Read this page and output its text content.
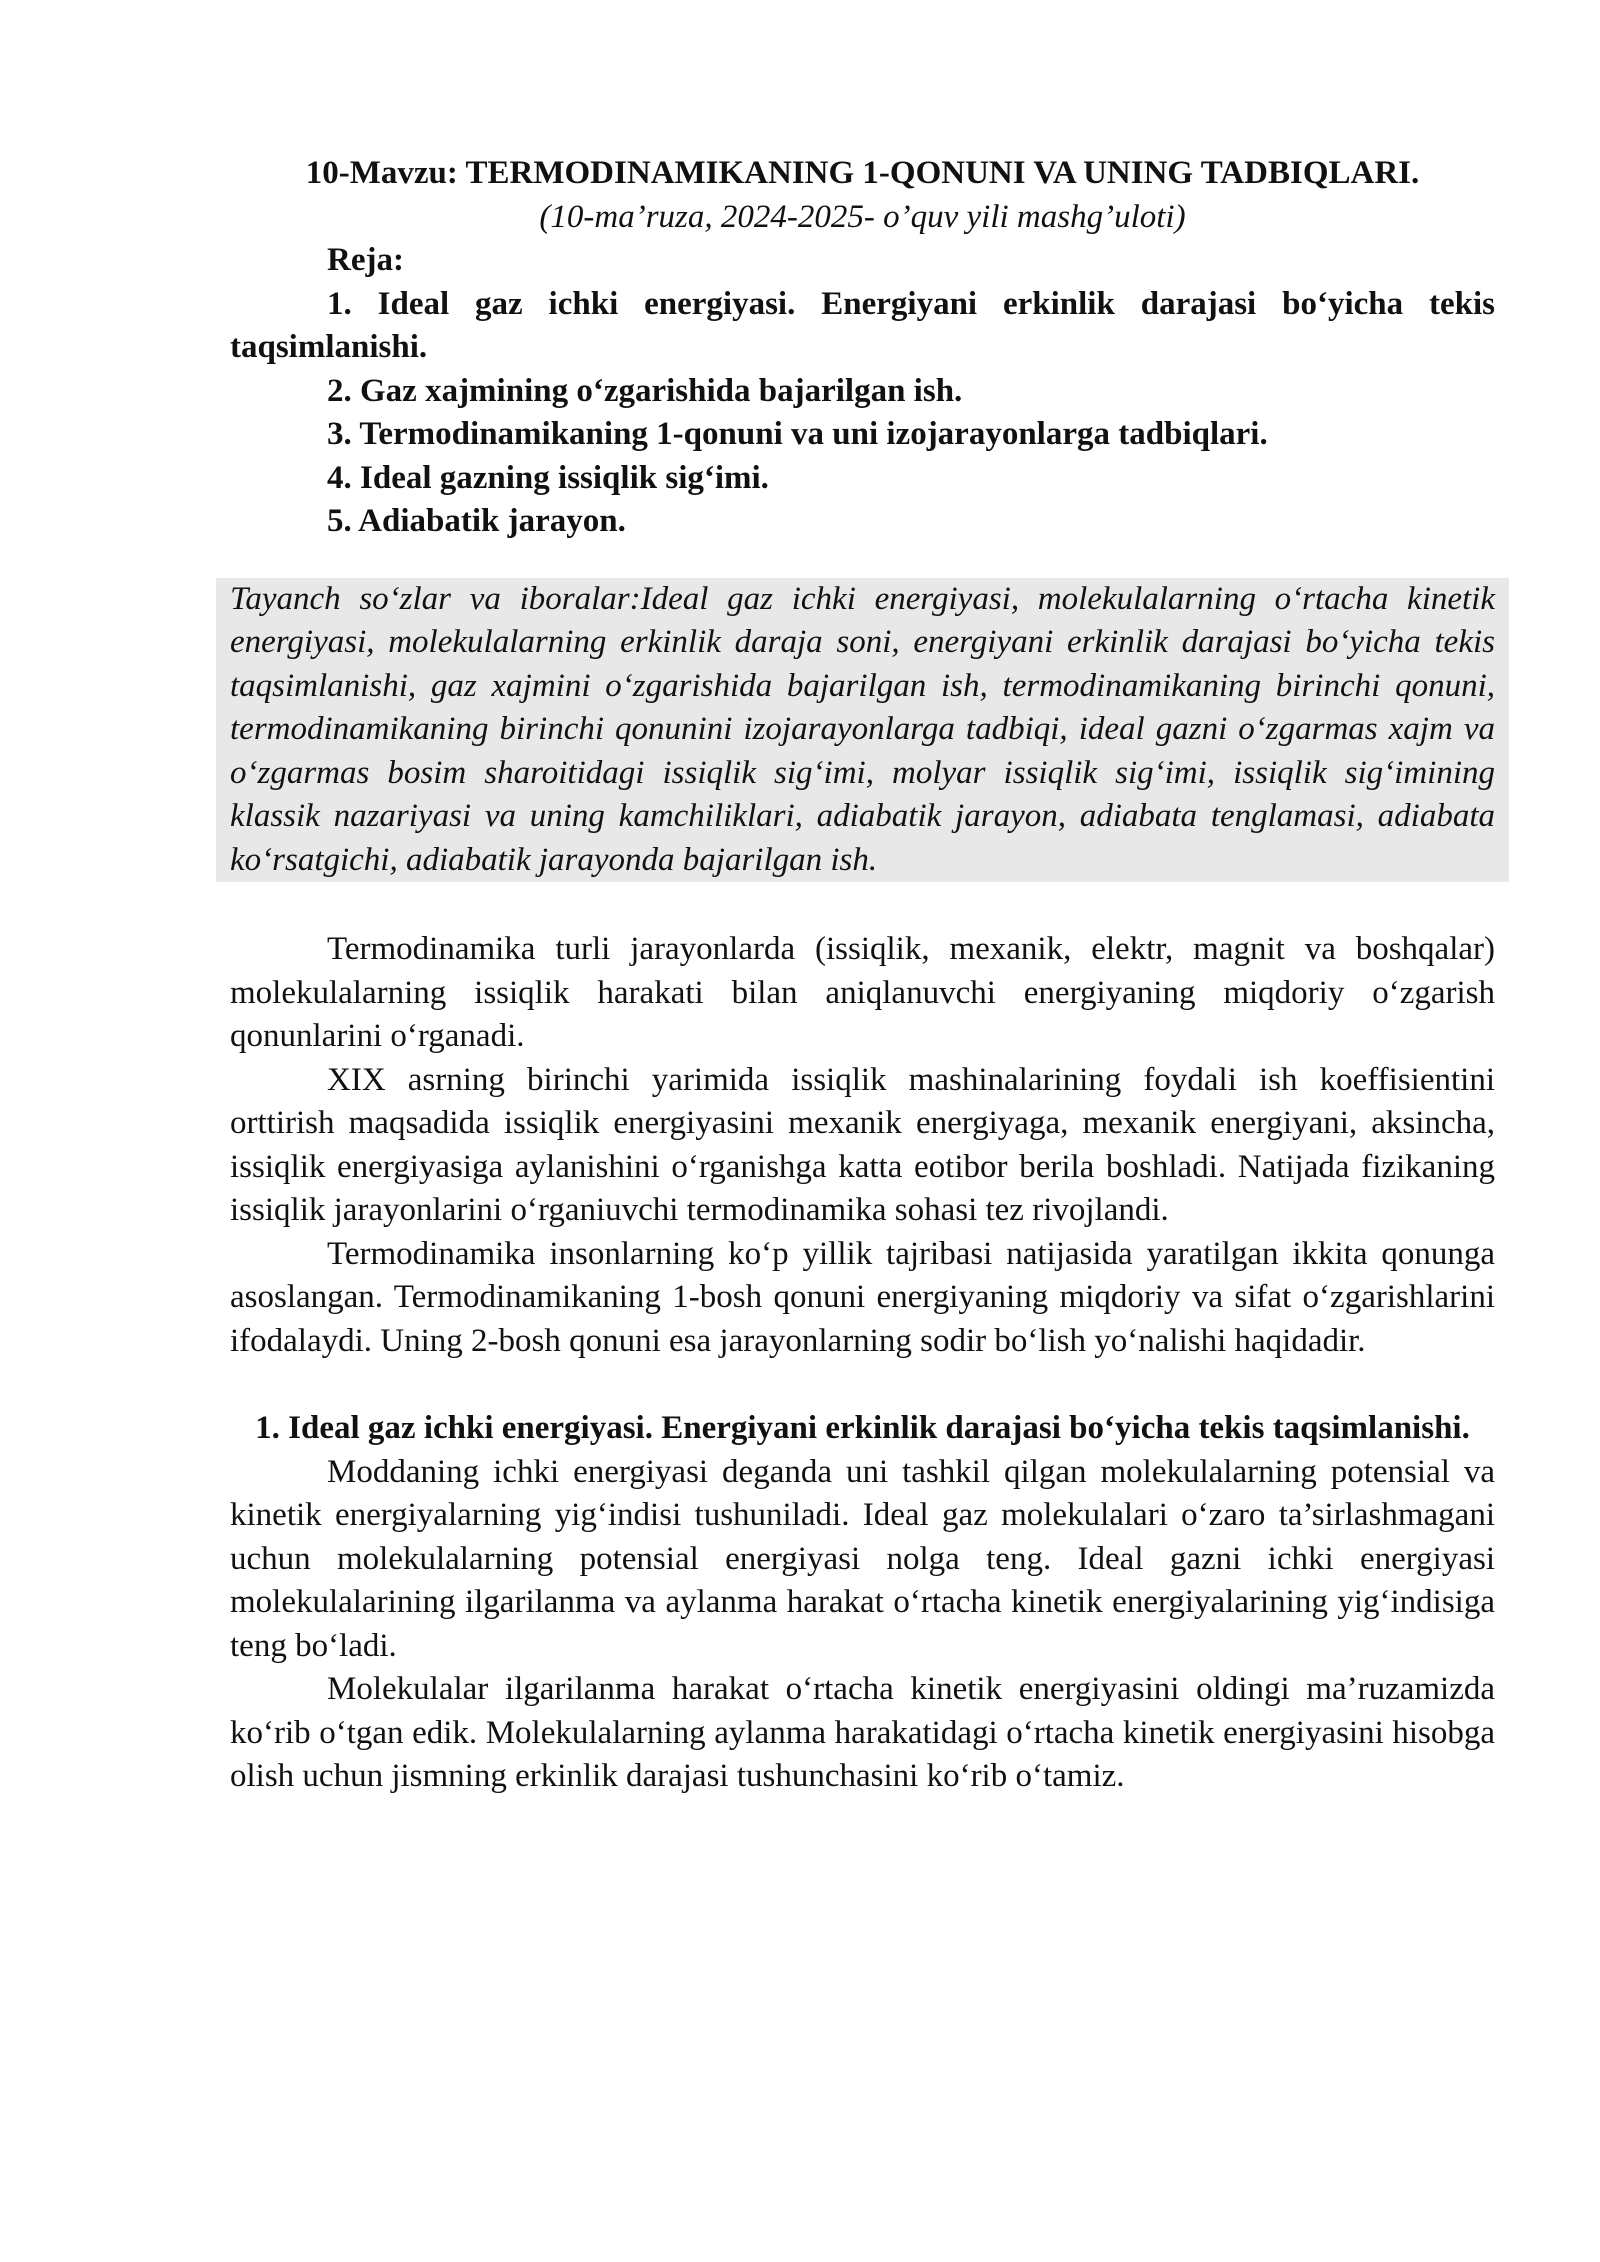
10-Mavzu: TERMODINAMIKANING 1-QONUNI VA UNING TADBIQLARI.

(10-ma’ruza, 2024-2025- o’quv yili mashg’uloti)

Reja:

1. Ideal gaz ichki energiyasi. Energiyani erkinlik darajasi bo‘yicha tekis taqsimlanishi.

2. Gaz xajmining o‘zgarishida bajarilgan ish.

3. Termodinamikaning 1-qonuni va uni izojarayonlarga tadbiqlari.

4. Ideal gazning issiqlik sig‘imi.

5. Adiabatik jarayon.

Tayanch so‘zlar va iboralar:Ideal gaz ichki energiyasi, molekulalarning o‘rtacha kinetik energiyasi, molekulalarning erkinlik daraja soni, energiyani erkinlik darajasi bo‘yicha tekis taqsimlanishi, gaz xajmini o‘zgarishida bajarilgan ish, termodinamikaning birinchi qonuni, termodinamikaning birinchi qonunini izojarayonlarga tadbiqi, ideal gazni o‘zgarmas xajm va o‘zgarmas bosim sharoitidagi issiqlik sig‘imi, molyar issiqlik sig‘imi, issiqlik sig‘imining klassik nazariyasi va uning kamchiliklari, adiabatik jarayon, adiabata tenglamasi, adiabata ko‘rsatgichi, adiabatik jarayonda bajarilgan ish.

Termodinamika turli jarayonlarda (issiqlik, mexanik, elektr, magnit va boshqalar) molekulalarning issiqlik harakati bilan aniqlanuvchi energiyaning miqdoriy o‘zgarish qonunlarini o‘rganadi.

XIX asrning birinchi yarimida issiqlik mashinalarining foydali ish koeffisientini orttirish maqsadida issiqlik energiyasini mexanik energiyaga, mexanik energiyani, aksincha, issiqlik energiyasiga aylanishini o‘rganishga katta eotibor berila boshladi. Natijada fizikaning issiqlik jarayonlarini o‘rganiuvchi termodinamika sohasi tez rivojlandi.

Termodinamika insonlarning ko‘p yillik tajribasi natijasida yaratilgan ikkita qonunga asoslangan. Termodinamikaning 1-bosh qonuni energiyaning miqdoriy va sifat o‘zgarishlarini ifodalaydi. Uning 2-bosh qonuni esa jarayonlarning sodir bo‘lish yo‘nalishi haqidadir.

1. Ideal gaz ichki energiyasi. Energiyani erkinlik darajasi bo‘yicha tekis taqsimlanishi.

Moddaning ichki energiyasi deganda uni tashkil qilgan molekulalarning potensial va kinetik energiyalarning yig‘indisi tushuniladi. Ideal gaz molekulalari o‘zaro ta’sirlashmagani uchun molekulalarning potensial energiyasi nolga teng. Ideal gazni ichki energiyasi molekulalarining ilgarilanma va aylanma harakat o‘rtacha kinetik energiyalarining yig‘indisiga teng bo‘ladi.

Molekulalar ilgarilanma harakat o‘rtacha kinetik energiyasini oldingi ma’ruzamizda ko‘rib o‘tgan edik. Molekulalarning aylanma harakatidagi o‘rtacha kinetik energiyasini hisobga olish uchun jismning erkinlik darajasi tushunchasini ko‘rib o‘tamiz.
